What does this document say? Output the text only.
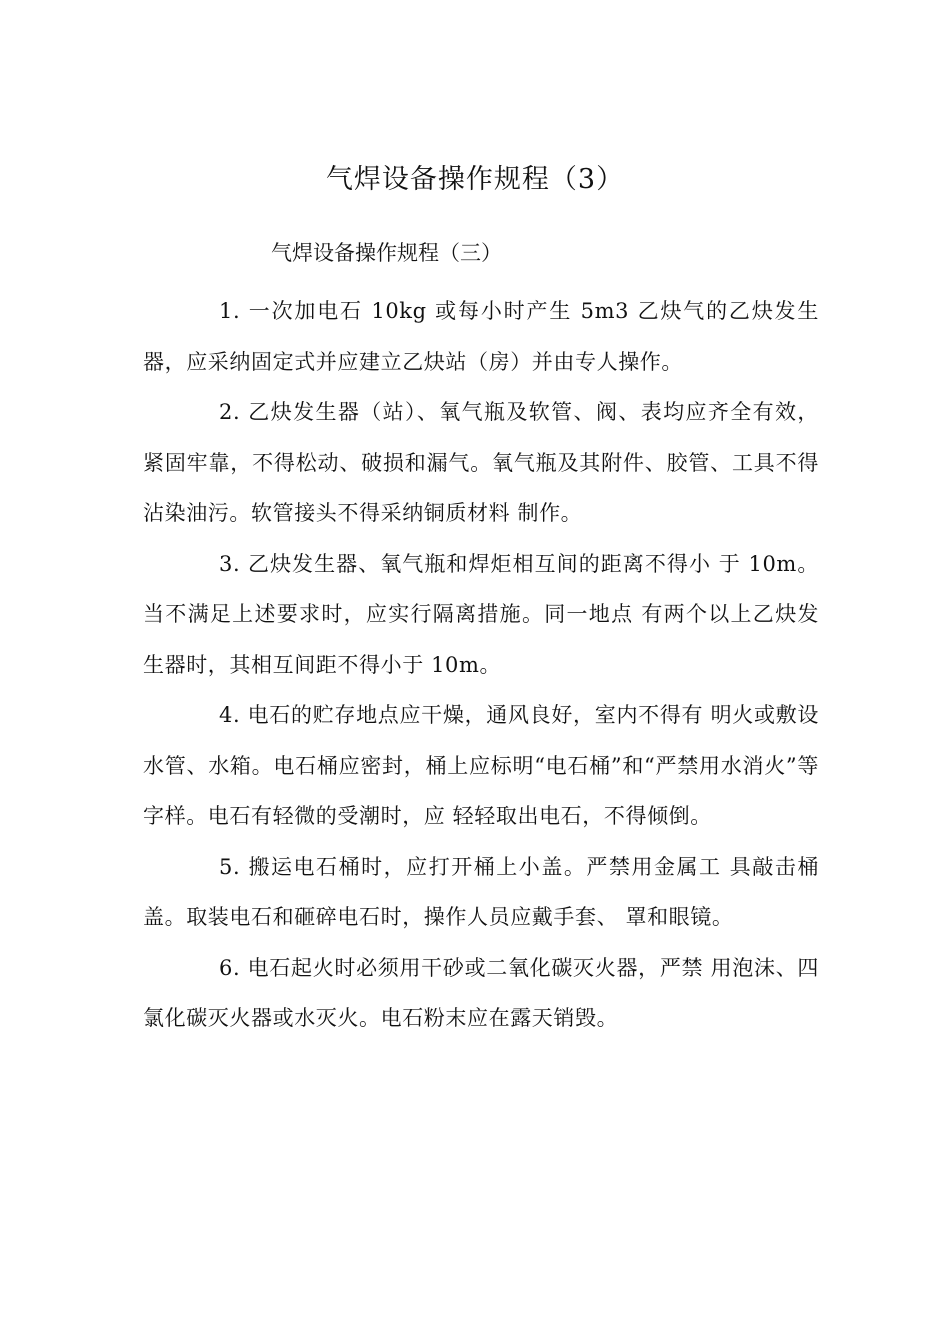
气焊设备操作规程（3）

气焊设备操作规程（三）

1. 一次加电石 10kg 或每小时产生 5m3 乙炔气的乙炔发生器，应采纳固定式并应建立乙炔站（房）并由专人操作。

2. 乙炔发生器（站）、氧气瓶及软管、阀、表均应齐全有效，紧固牢靠，不得松动、破损和漏气。氧气瓶及其附件、胶管、工具不得沾染油污。软管接头不得采纳铜质材料 制作。

3. 乙炔发生器、氧气瓶和焊炬相互间的距离不得小 于 10m。当不满足上述要求时，应实行隔离措施。同一地点 有两个以上乙炔发生器时，其相互间距不得小于 10m。

4. 电石的贮存地点应干燥，通风良好，室内不得有 明火或敷设水管、水箱。电石桶应密封，桶上应标明“电石桶”和“严禁用水消火”等字样。电石有轻微的受潮时，应 轻轻取出电石，不得倾倒。

5. 搬运电石桶时，应打开桶上小盖。严禁用金属工 具敲击桶盖。取装电石和砸碎电石时，操作人员应戴手套、 罩和眼镜。

6. 电石起火时必须用干砂或二氧化碳灭火器，严禁 用泡沫、四氯化碳灭火器或水灭火。电石粉末应在露天销毁。
